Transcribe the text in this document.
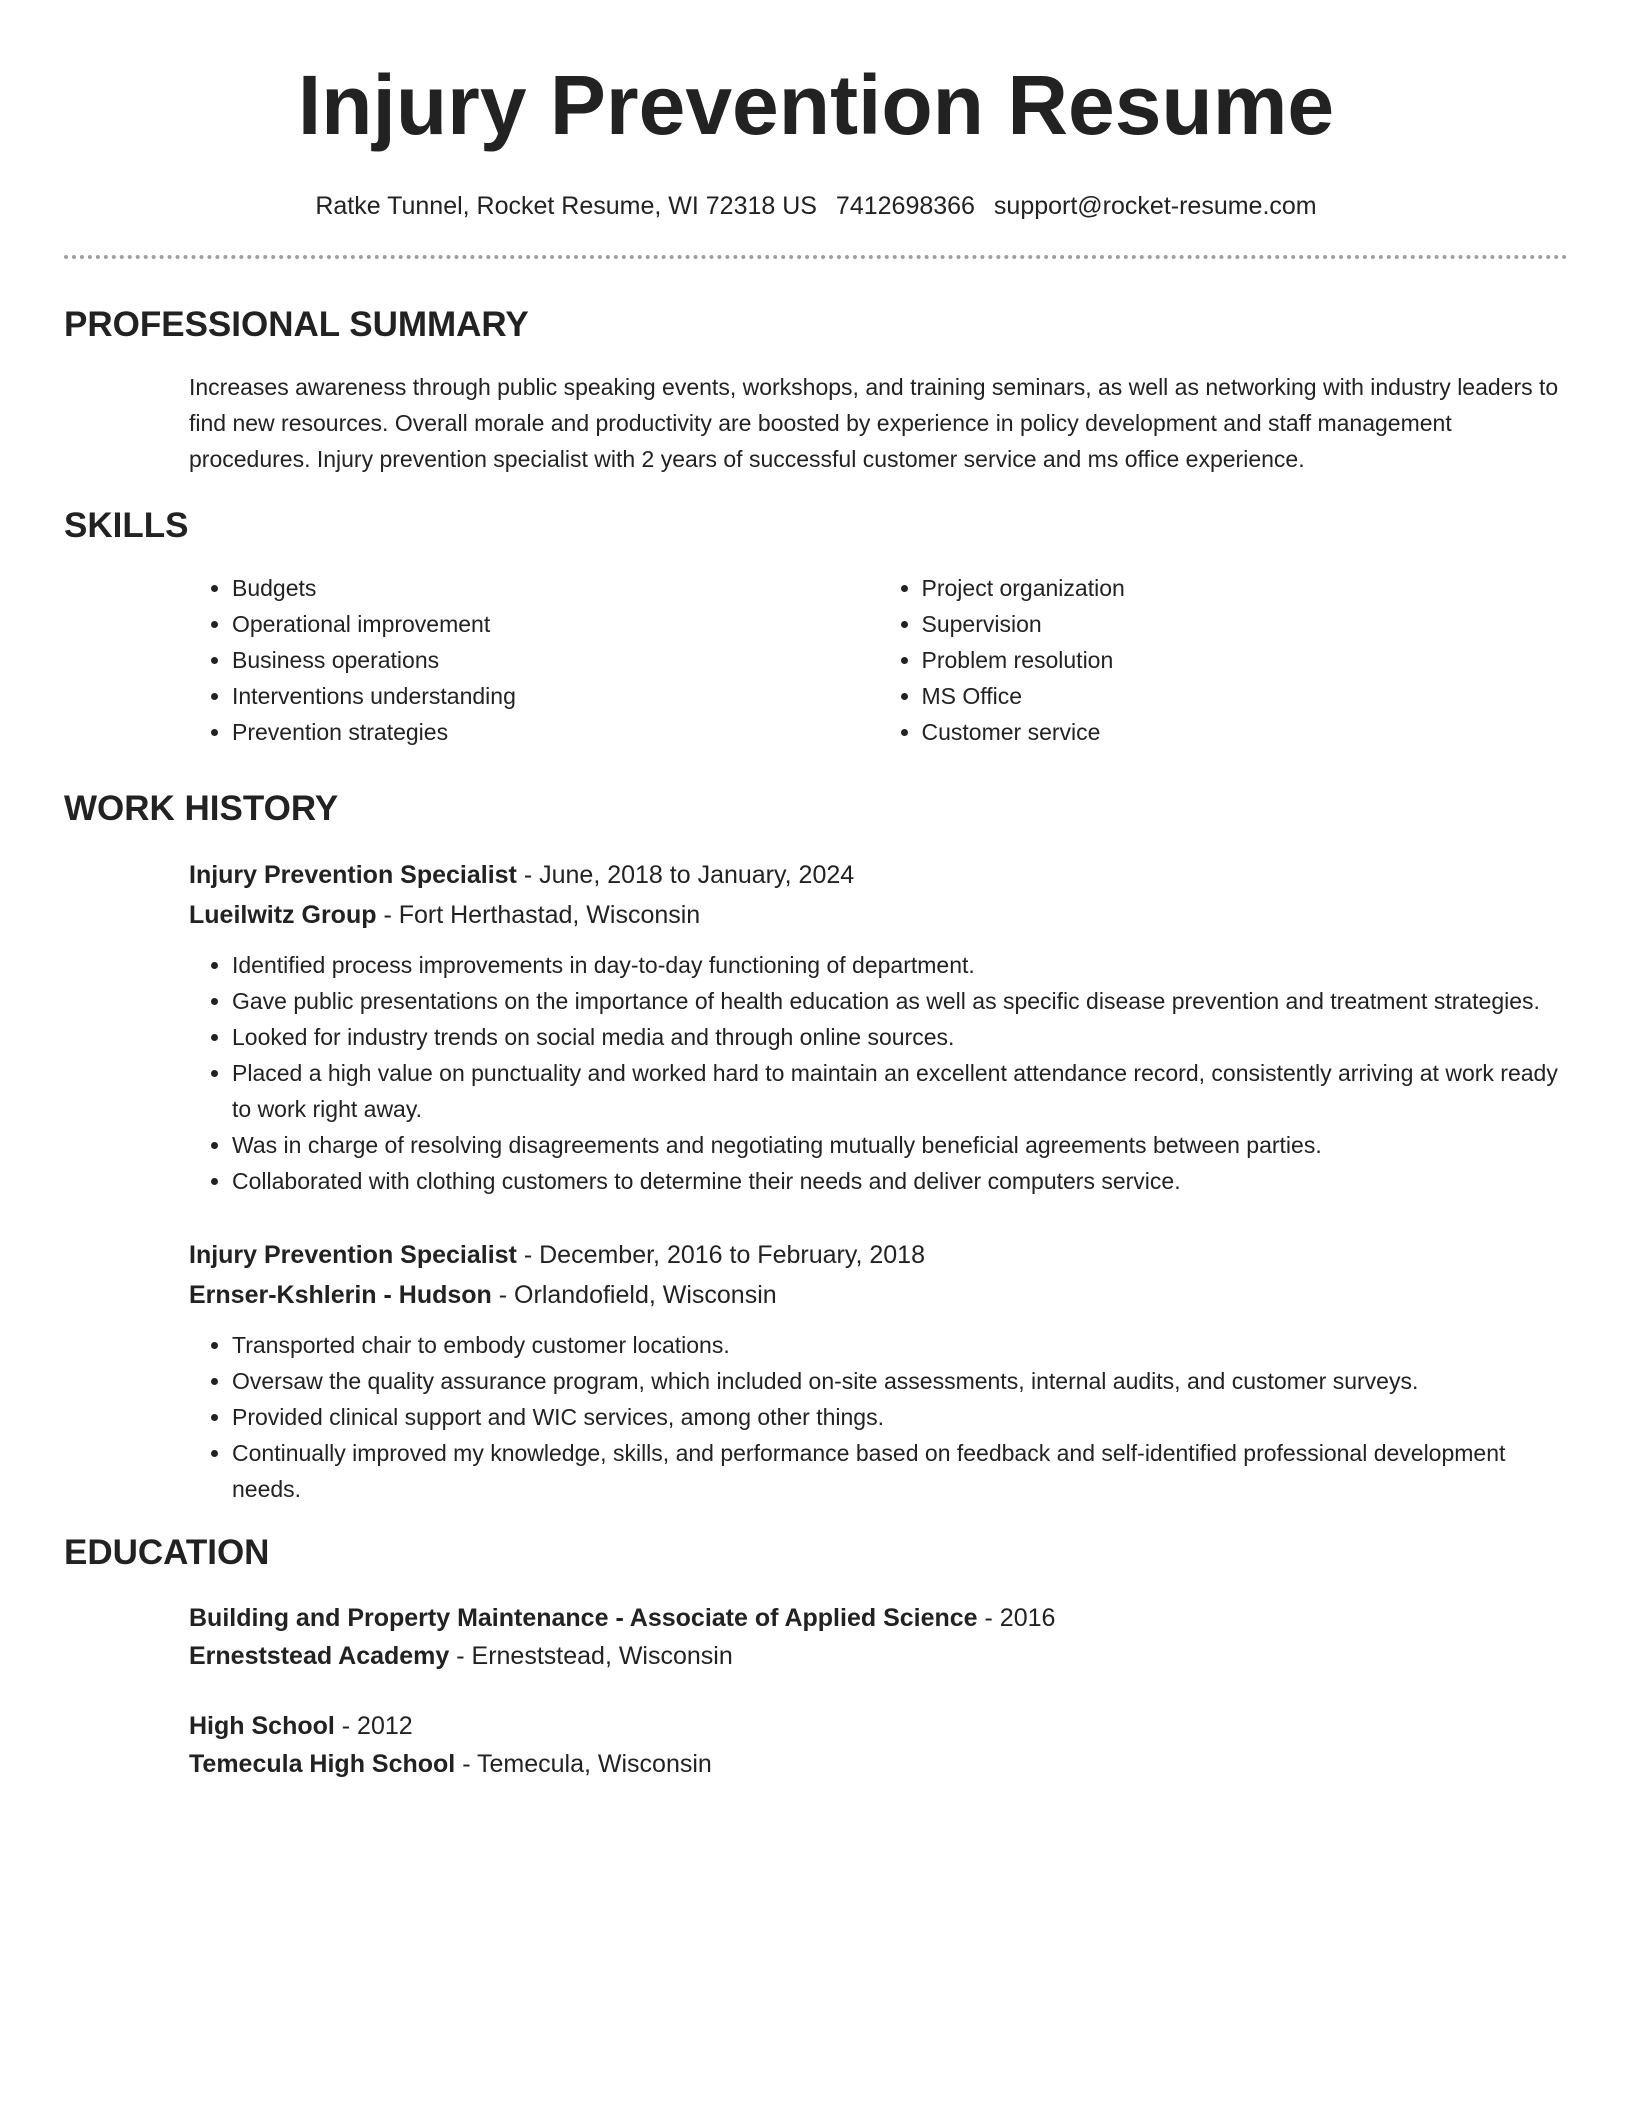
Injury Prevention Resume
Ratke Tunnel, Rocket Resume, WI 72318 US 7412698366 support@rocket-resume.com
PROFESSIONAL SUMMARY

Increases awareness through public speaking events, workshops, and training seminars, as well as networking with industry leaders to find new resources. Overall morale and productivity are boosted by experience in policy development and staff management procedures. Injury prevention specialist with 2 years of successful customer service and ms office experience.

SKILLS
• Budgets
• Operational improvement
• Business operations
• Interventions understanding
• Prevention strategies
• Project organization
• Supervision
• Problem resolution
• MS Office
• Customer service
WORK HISTORY
Injury Prevention Specialist - June, 2018 to January, 2024
Lueilwitz Group - Fort Herthastad, Wisconsin
• Identified process improvements in day-to-day functioning of department.
• Gave public presentations on the importance of health education as well as specific disease prevention and treatment strategies.
• Looked for industry trends on social media and through online sources.
• Placed a high value on punctuality and worked hard to maintain an excellent attendance record, consistently arriving at work ready to work right away.
• Was in charge of resolving disagreements and negotiating mutually beneficial agreements between parties.
• Collaborated with clothing customers to determine their needs and deliver computers service.
Injury Prevention Specialist - December, 2016 to February, 2018
Ernser-Kshlerin - Hudson - Orlandofield, Wisconsin
• Transported chair to embody customer locations.
• Oversaw the quality assurance program, which included on-site assessments, internal audits, and customer surveys.
• Provided clinical support and WIC services, among other things.
• Continually improved my knowledge, skills, and performance based on feedback and self-identified professional development needs.
EDUCATION
Building and Property Maintenance - Associate of Applied Science - 2016
Erneststead Academy - Erneststead, Wisconsin
High School - 2012
Temecula High School - Temecula, Wisconsin
